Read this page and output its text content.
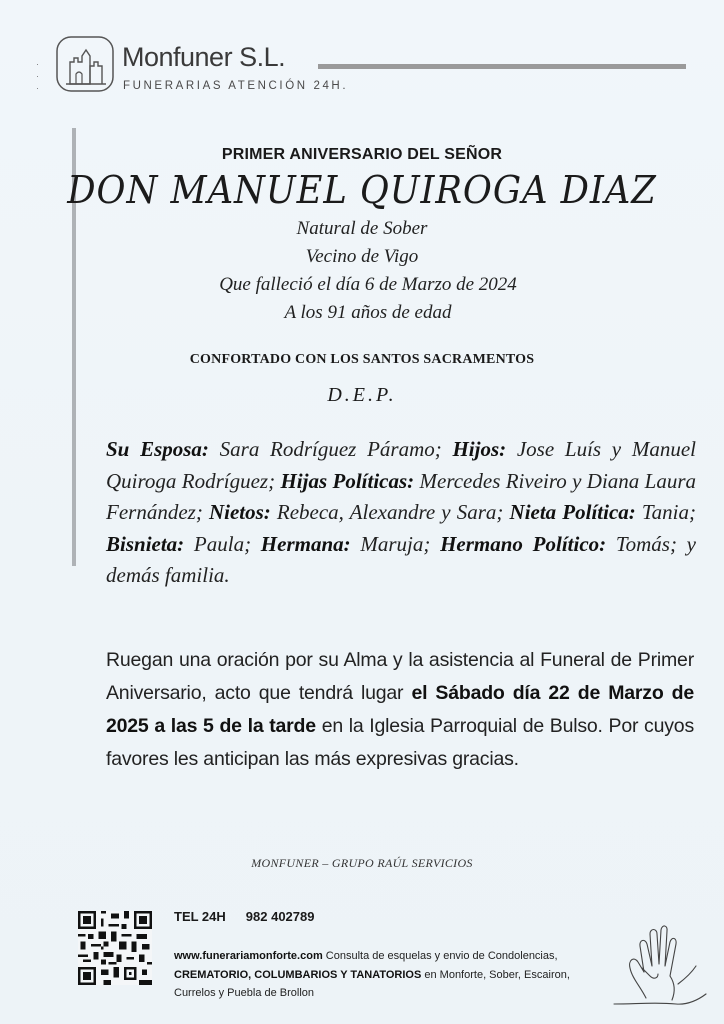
·
·
·
Monfuner S.L.
FUNERARIAS ATENCIÓN 24H.
PRIMER ANIVERSARIO DEL SEÑOR
DON MANUEL QUIROGA DIAZ
Natural de Sober
Vecino de Vigo
Que falleció el día 6 de Marzo de 2024
A los 91 años de edad
CONFORTADO CON LOS SANTOS SACRAMENTOS
D.E.P.
Su Esposa: Sara Rodríguez Páramo; Hijos: Jose Luís y Manuel Quiroga Rodríguez; Hijas Políticas: Mercedes Riveiro y Diana Laura Fernández; Nietos: Rebeca, Alexandre y Sara; Nieta Política: Tania; Bisnieta: Paula; Hermana: Maruja; Hermano Político: Tomás; y demás familia.
Ruegan una oración por su Alma y la asistencia al Funeral de Primer Aniversario, acto que tendrá lugar el Sábado día 22 de Marzo de 2025 a las 5 de la tarde en la Iglesia Parroquial de Bulso. Por cuyos favores les anticipan las más expresivas gracias.
MONFUNER – GRUPO RAÚL SERVICIOS
TEL 24H 982 402789
www.funerariamonforte.com Consulta de esquelas y envio de Condolencias, CREMATORIO, COLUMBARIOS Y TANATORIOS en Monforte, Sober, Escairon, Currelos y Puebla de Brollon
